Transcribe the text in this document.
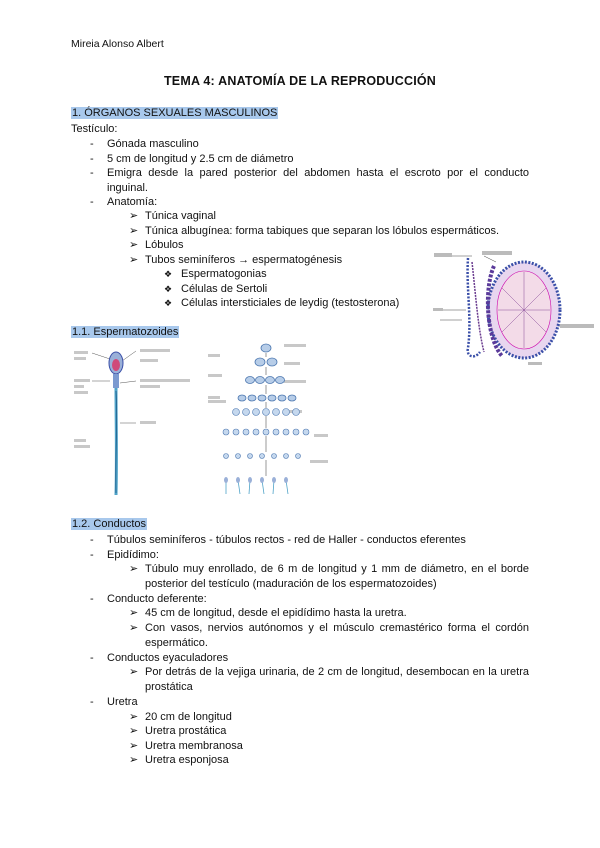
Mireia Alonso Albert
TEMA 4: ANATOMÍA DE LA REPRODUCCIÓN
1. ÓRGANOS SEXUALES MASCULINOS
Testículo:
- Gónada masculino
- 5 cm de longitud y 2.5 cm de diámetro
- Emigra desde la pared posterior del abdomen hasta el escroto por el conducto inguinal.
- Anatomía:
➢ Túnica vaginal
➢ Túnica albugínea: forma tabiques que separan los lóbulos espermáticos.
➢ Lóbulos
➢ Tubos seminíferos → espermatogénesis
❖ Espermatogonias
❖ Células de Sertoli
❖ Células intersticiales de leydig (testosterona)
1.1. Espermatozoides
1.2. Conductos
- Túbulos seminíferos - túbulos rectos - red de Haller - conductos eferentes
- Epidídimo:
➢ Túbulo muy enrollado, de 6 m de longitud y 1 mm de diámetro, en el borde posterior del testículo (maduración de los espermatozoides)
- Conducto deferente:
➢ 45 cm de longitud, desde el epidídimo hasta la uretra.
➢ Con vasos, nervios autónomos y el músculo cremastérico forma el cordón espermático.
- Conductos eyaculadores
➢ Por detrás de la vejiga urinaria, de 2 cm de longitud, desembocan en la uretra prostática
- Uretra
➢ 20 cm de longitud
➢ Uretra prostática
➢ Uretra membranosa
➢ Uretra esponjosa
